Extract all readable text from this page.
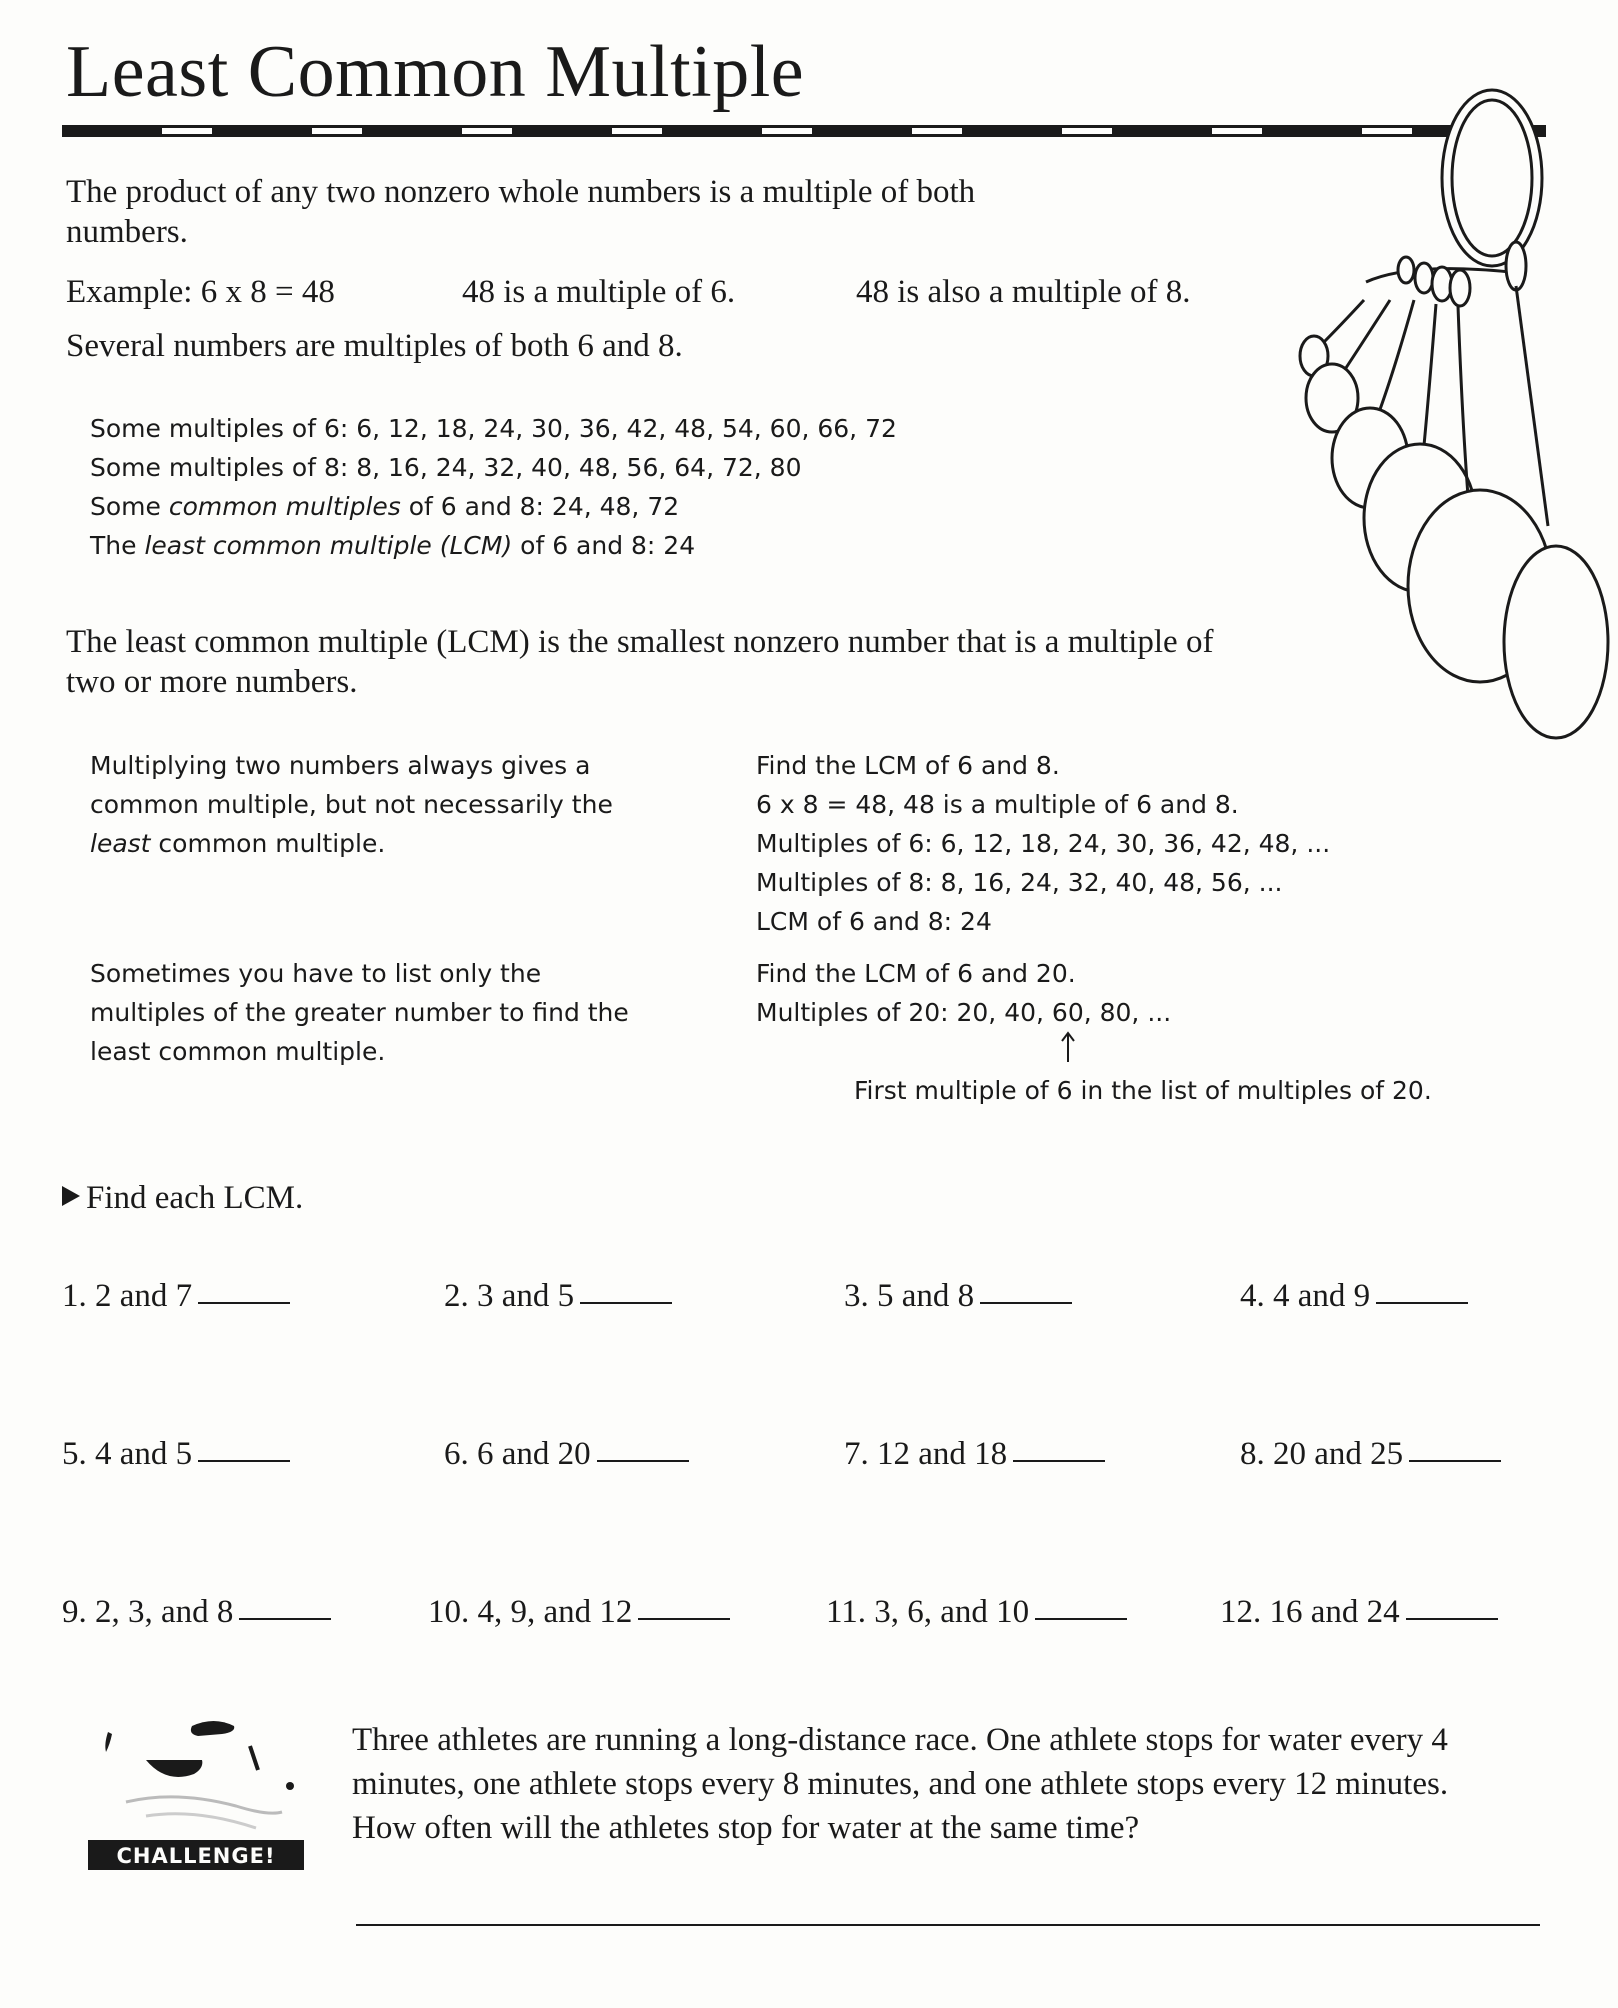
Least Common Multiple
The product of any two nonzero whole numbers is a multiple of both numbers.
Example: 6 x 8 = 48	48 is a multiple of 6.	48 is also a multiple of 8.
Several numbers are multiples of both 6 and 8.
Some multiples of 6: 6, 12, 18, 24, 30, 36, 42, 48, 54, 60, 66, 72
Some multiples of 8: 8, 16, 24, 32, 40, 48, 56, 64, 72, 80
Some common multiples of 6 and 8: 24, 48, 72
The least common multiple (LCM) of 6 and 8: 24
The least common multiple (LCM) is the smallest nonzero number that is a multiple of two or more numbers.
Multiplying two numbers always gives a common multiple, but not necessarily the least common multiple.
Find the LCM of 6 and 8.
6 x 8 = 48, 48 is a multiple of 6 and 8.
Multiples of 6: 6, 12, 18, 24, 30, 36, 42, 48, ...
Multiples of 8: 8, 16, 24, 32, 40, 48, 56, ...
LCM of 6 and 8: 24
Sometimes you have to list only the multiples of the greater number to find the least common multiple.
Find the LCM of 6 and 20.
Multiples of 20: 20, 40, 60, 80, ...
First multiple of 6 in the list of multiples of 20.
Find each LCM.
1. 2 and 7	2. 3 and 5	3. 5 and 8	4. 4 and 9
5. 4 and 5	6. 6 and 20	7. 12 and 18	8. 20 and 25
9. 2, 3, and 8	10. 4, 9, and 12	11. 3, 6, and 10	12. 16 and 24
CHALLENGE!
Three athletes are running a long-distance race. One athlete stops for water every 4 minutes, one athlete stops every 8 minutes, and one athlete stops every 12 minutes. How often will the athletes stop for water at the same time?
